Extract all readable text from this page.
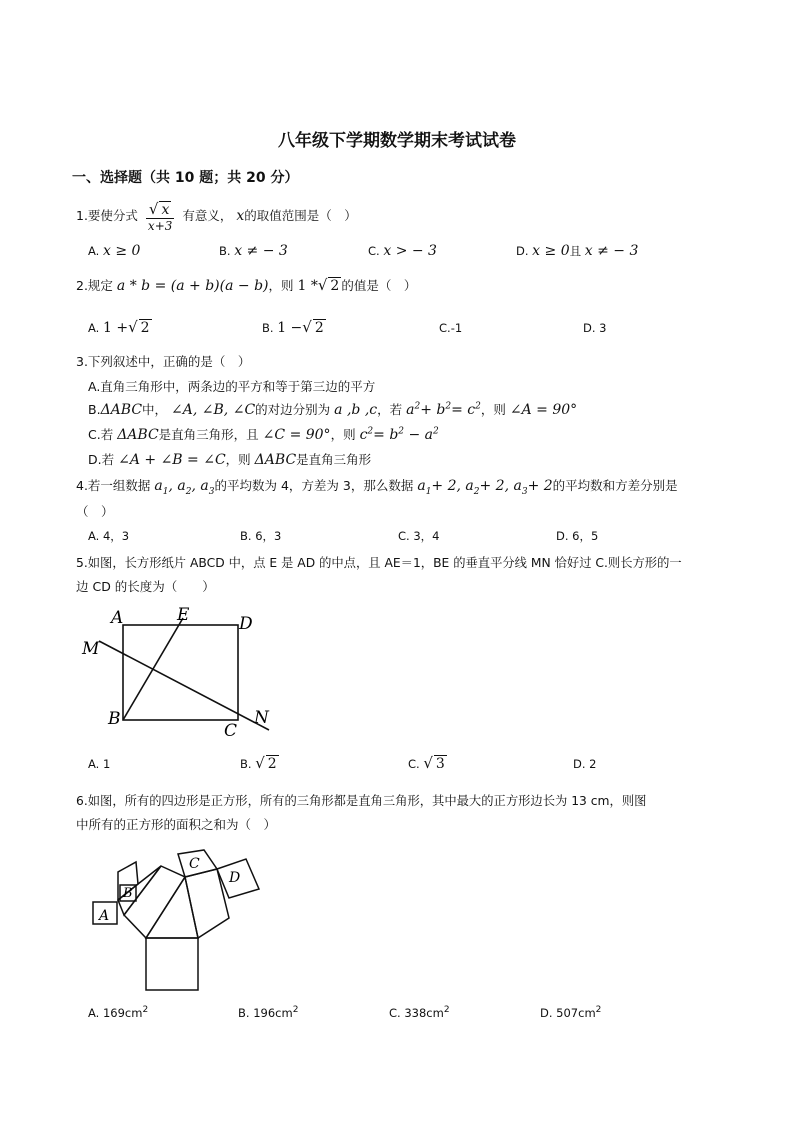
八年级下学期数学期末考试试卷
一、选择题（共 10 题；共 20 分）
1.要使分式 $\frac{√ x}{x+3}$ 有意义， x的取值范围是（　）
A. x ≥ 0	B. x ≠ − 3	C. x > − 3	D. x ≥ 0且 x ≠ − 3
2.规定 a * b = (a + b)(a − b)，则 1 *√ 2 的值是（　）
A. 1 +√ 2	B. 1 −√ 2	C.-1	D. 3
3.下列叙述中，正确的是（　）
A.直角三角形中，两条边的平方和等于第三边的平方
B.ΔABC中， ∠A, ∠B, ∠C的对边分别为 a ,b ,c，若 $a^2+ b^2= c^2$，则 ∠A = 90°
C.若 ΔABC是直角三角形，且 ∠C = 90°，则 $c^2= b^2 - a^2$
D.若 ∠A + ∠B = ∠C，则 ΔABC是直角三角形
4.若一组数据 $a_1$, $a_2$, $a_3$的平均数为 4，方差为 3，那么数据 $a_1+ 2$, $a_2+ 2$, $a_3+ 2$的平均数和方差分别是
（　）
A. 4，3	B. 6，3	C. 3，4	D. 6，5
5.如图，长方形纸片 ABCD 中，点 E 是 AD 的中点，且 AE＝1，BE 的垂直平分线 MN 恰好过 C.则长方形的一
边 CD 的长度为（　　）
A	E	D
M
B
C
N
A. 1	B. √ 2	C. √ 3	D. 2
6.如图，所有的四边形是正方形，所有的三角形都是直角三角形，其中最大的正方形边长为 13 cm，则图
中所有的正方形的面积之和为（　）
A
B
C
D
A. $169cm^2$	B. $196cm^2$	C. $338cm^2$	D. $507cm^2$
